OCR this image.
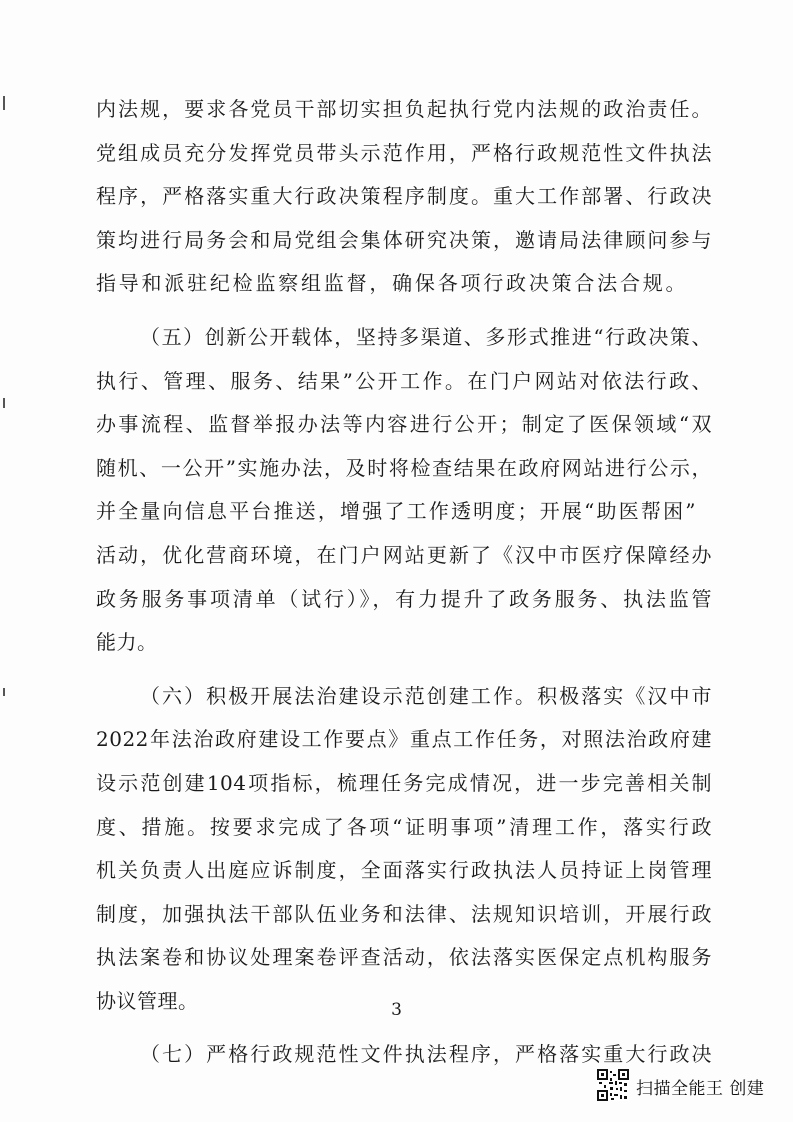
内法规，要求各党员干部切实担负起执行党内法规的政治责任。
党组成员充分发挥党员带头示范作用，严格行政规范性文件执法
程序，严格落实重大行政决策程序制度。重大工作部署、行政决
策均进行局务会和局党组会集体研究决策，邀请局法律顾问参与
指导和派驻纪检监察组监督，确保各项行政决策合法合规。
（五）创新公开载体，坚持多渠道、多形式推进“行政决策、
执行、管理、服务、结果”公开工作。在门户网站对依法行政、
办事流程、监督举报办法等内容进行公开；制定了医保领域“双
随机、一公开”实施办法，及时将检查结果在政府网站进行公示，
并全量向信息平台推送，增强了工作透明度；开展“助医帮困”
活动，优化营商环境，在门户网站更新了《汉中市医疗保障经办
政务服务事项清单（试行）》，有力提升了政务服务、执法监管
能力。
（六）积极开展法治建设示范创建工作。积极落实《汉中市
2022年法治政府建设工作要点》重点工作任务，对照法治政府建
设示范创建104项指标，梳理任务完成情况，进一步完善相关制
度、措施。按要求完成了各项“证明事项”清理工作，落实行政
机关负责人出庭应诉制度，全面落实行政执法人员持证上岗管理
制度，加强执法干部队伍业务和法律、法规知识培训，开展行政
执法案卷和协议处理案卷评查活动，依法落实医保定点机构服务
协议管理。
（七）严格行政规范性文件执法程序，严格落实重大行政决
3
扫描全能王 创建
